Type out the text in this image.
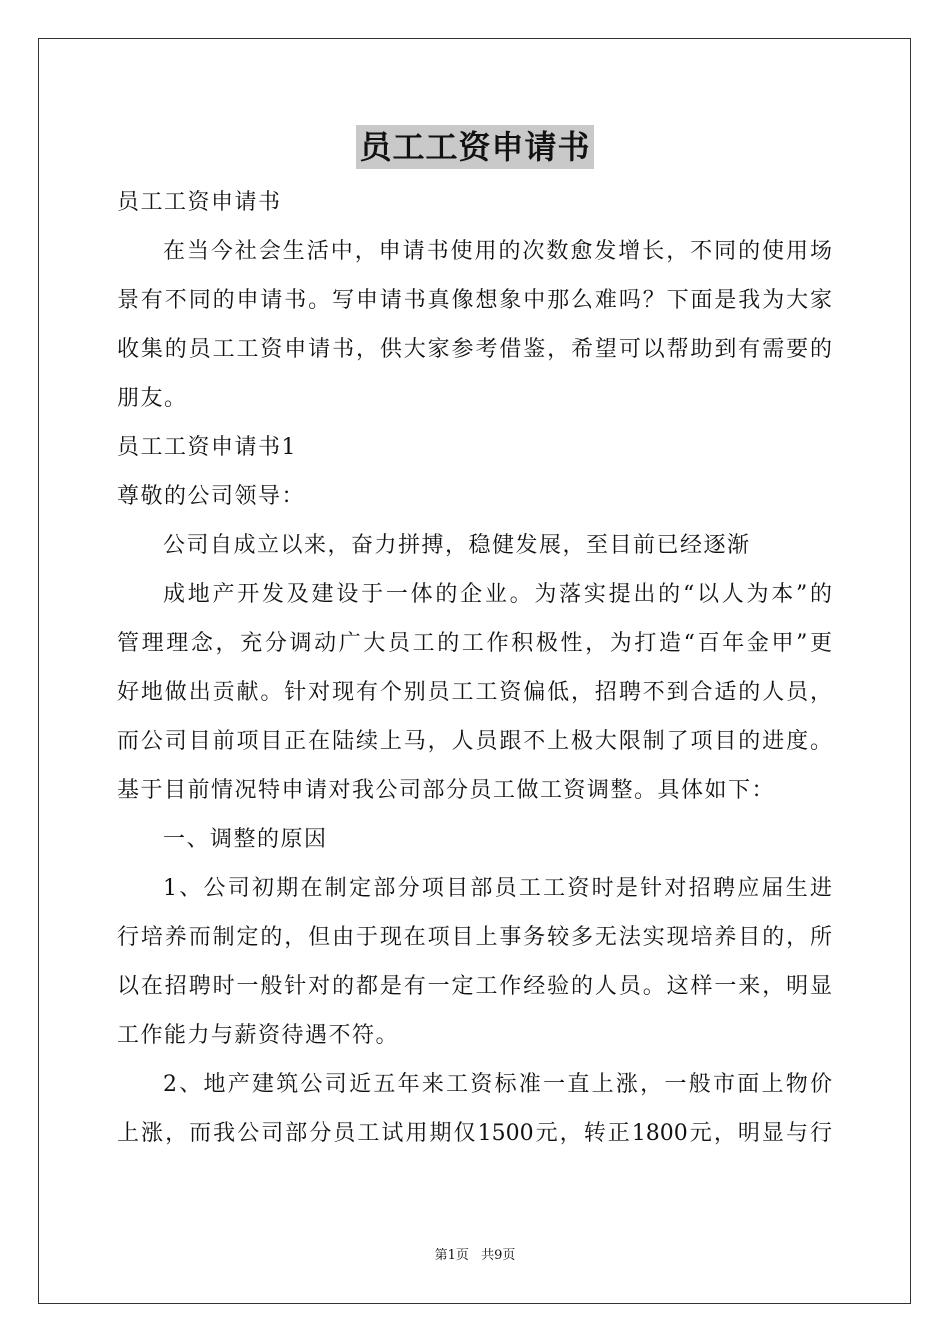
员工工资申请书
员工工资申请书
在当今社会生活中，申请书使用的次数愈发增长，不同的使用场
景有不同的申请书。写申请书真像想象中那么难吗？下面是我为大家
收集的员工工资申请书，供大家参考借鉴，希望可以帮助到有需要的
朋友。
员工工资申请书1
尊敬的公司领导：
公司自成立以来，奋力拼搏，稳健发展，至目前已经逐渐
成地产开发及建设于一体的企业。为落实提出的“以人为本”的
管理理念，充分调动广大员工的工作积极性，为打造“百年金甲”更
好地做出贡献。针对现有个别员工工资偏低，招聘不到合适的人员，
而公司目前项目正在陆续上马，人员跟不上极大限制了项目的进度。
基于目前情况特申请对我公司部分员工做工资调整。具体如下：
一、调整的原因
1、公司初期在制定部分项目部员工工资时是针对招聘应届生进
行培养而制定的，但由于现在项目上事务较多无法实现培养目的，所
以在招聘时一般针对的都是有一定工作经验的人员。这样一来，明显
工作能力与薪资待遇不符。
2、地产建筑公司近五年来工资标准一直上涨，一般市面上物价
上涨，而我公司部分员工试用期仅1500元，转正1800元，明显与行
第1页 共9页
